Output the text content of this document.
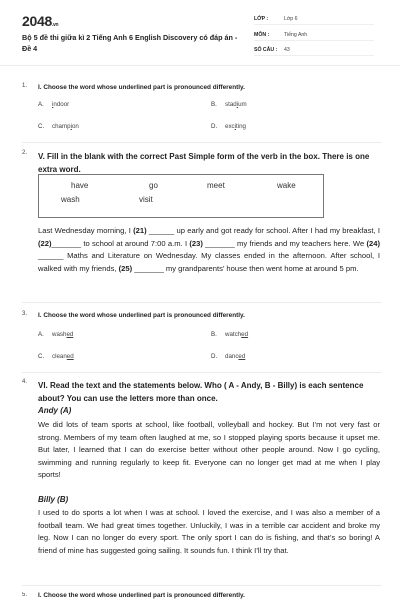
2048.vn
Bộ 5 đề thi giữa kì 2 Tiếng Anh 6 English Discovery có đáp án - Đề 4
LỚP :	Lớp 6
MÔN :	Tiếng Anh
SỐ CÂU : 43
1. I. Choose the word whose underlined part is pronounced differently.
A. indoor	B. stadium
C. champion	D. exciting
2. V. Fill in the blank with the correct Past Simple form of the verb in the box. There is one extra word.
have	go	meet	wake
wash	visit
Last Wednesday morning, I (21) ______ up early and got ready for school. After I had my breakfast, I (22)_______ to school at around 7:00 a.m. I (23) _______ my friends and my teachers here. We (24) ______ Maths and Literature on Wednesday. My classes ended in the afternoon. After school, I walked with my friends, (25) _______ my grandparents’ house then went home at around 5 pm.
3. I. Choose the word whose underlined part is pronounced differently.
A. washed	B. watched
C. cleaned	D. danced
4. VI. Read the text and the statements below. Who ( A - Andy, B - Billy) is each sentence about? You can use the letters more than once.
Andy (A)
We did lots of team sports at school, like football, volleyball and hockey. But I’m not very fast or strong. Members of my team often laughed at me, so I stopped playing sports because it upset me. But later, I learned that I can do exercise better without other people around. Now I go cycling, swimming and running regularly to keep fit. Everyone can no longer get mad at me when I play sports!
Billy (B)
I used to do sports a lot when I was at school. I loved the exercise, and I was also a member of a football team. We had great times together. Unluckily, I was in a terrible car accident and broke my leg. Now I can no longer do every sport. The only sport I can do is fishing, and that’s so boring! A friend of mine has suggested going sailing. It sounds fun. I think I’ll try that.
5. I. Choose the word whose underlined part is pronounced differently.
